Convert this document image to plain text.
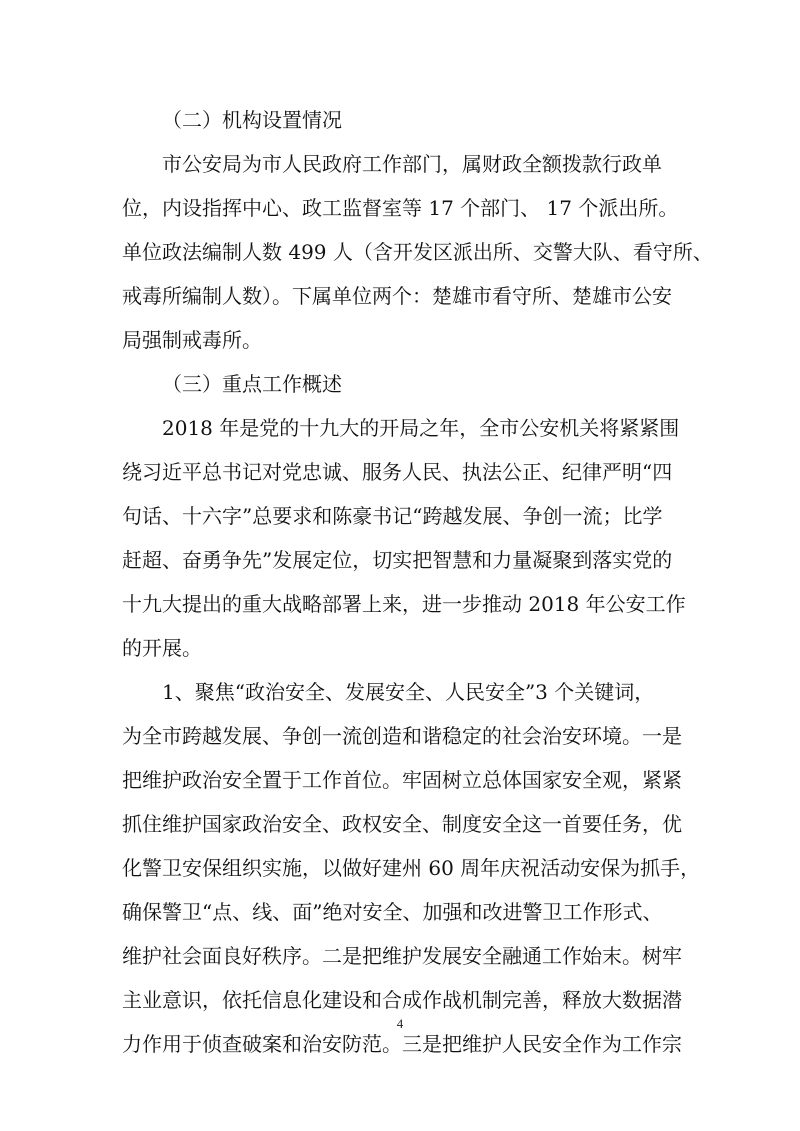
（二）机构设置情况
市公安局为市人民政府工作部门，属财政全额拨款行政单
位，内设指挥中心、政工监督室等 17 个部门、 17 个派出所。
单位政法编制人数 499 人（含开发区派出所、交警大队、看守所、
戒毒所编制人数）。下属单位两个：楚雄市看守所、楚雄市公安
局强制戒毒所。
（三）重点工作概述
2018 年是党的十九大的开局之年，全市公安机关将紧紧围
绕习近平总书记对党忠诚、服务人民、执法公正、纪律严明“四
句话、十六字”总要求和陈豪书记“跨越发展、争创一流；比学
赶超、奋勇争先”发展定位，切实把智慧和力量凝聚到落实党的
十九大提出的重大战略部署上来，进一步推动 2018 年公安工作
的开展。
1、聚焦“政治安全、发展安全、人民安全”3 个关键词，
为全市跨越发展、争创一流创造和谐稳定的社会治安环境。一是
把维护政治安全置于工作首位。牢固树立总体国家安全观，紧紧
抓住维护国家政治安全、政权安全、制度安全这一首要任务，优
化警卫安保组织实施，以做好建州 60 周年庆祝活动安保为抓手，
确保警卫“点、线、面”绝对安全、加强和改进警卫工作形式、
维护社会面良好秩序。二是把维护发展安全融通工作始末。树牢
主业意识，依托信息化建设和合成作战机制完善，释放大数据潜
力作用于侦查破案和治安防范。三是把维护人民安全作为工作宗
4
